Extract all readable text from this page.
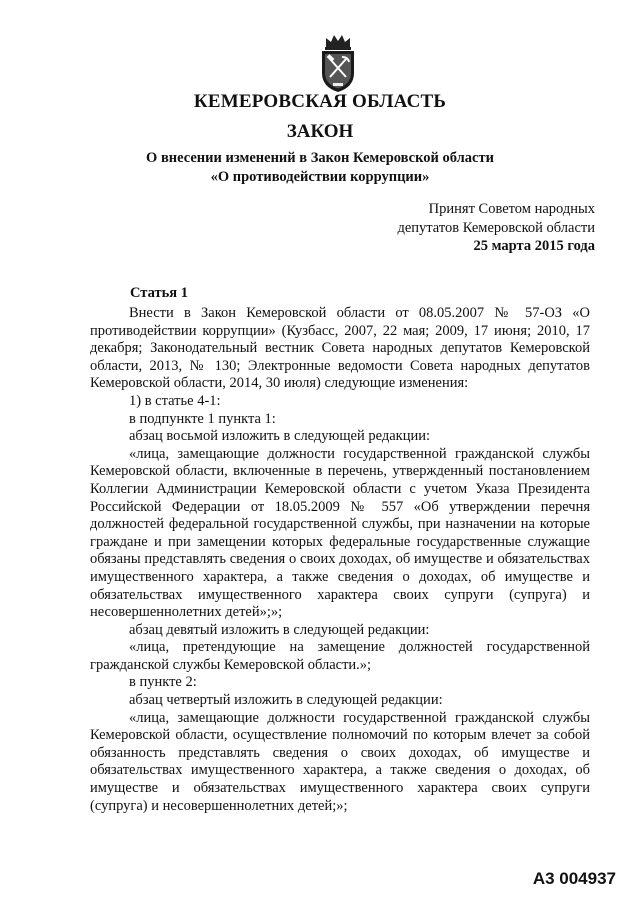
КЕМЕРОВСКАЯ ОБЛАСТЬ
ЗАКОН
О внесении изменений в Закон Кемеровской области
«О противодействии коррупции»
Принят Советом народных
депутатов Кемеровской области
25 марта 2015 года
Статья 1

Внести в Закон Кемеровской области от 08.05.2007 № 57-ОЗ «О противодействии коррупции» (Кузбасс, 2007, 22 мая; 2009, 17 июня; 2010, 17 декабря; Законодательный вестник Совета народных депутатов Кемеровской области, 2013, № 130; Электронные ведомости Совета народных депутатов Кемеровской области, 2014, 30 июля) следующие изменения:

1) в статье 4-1:

в подпункте 1 пункта 1:

абзац восьмой изложить в следующей редакции:

«лица, замещающие должности государственной гражданской службы Кемеровской области, включенные в перечень, утвержденный постановлением Коллегии Администрации Кемеровской области с учетом Указа Президента Российской Федерации от 18.05.2009 № 557 «Об утверждении перечня должностей федеральной государственной службы, при назначении на которые граждане и при замещении которых федеральные государственные служащие обязаны представлять сведения о своих доходах, об имуществе и обязательствах имущественного характера, а также сведения о доходах, об имуществе и обязательствах имущественного характера своих супруги (супруга) и несовершеннолетних детей»;»;

абзац девятый изложить в следующей редакции:

«лица, претендующие на замещение должностей государственной гражданской службы Кемеровской области.»;

в пункте 2:

абзац четвертый изложить в следующей редакции:

«лица, замещающие должности государственной гражданской службы Кемеровской области, осуществление полномочий по которым влечет за собой обязанность представлять сведения о своих доходах, об имуществе и обязательствах имущественного характера, а также сведения о доходах, об имуществе и обязательствах имущественного характера своих супруги (супруга) и несовершеннолетних детей;»;

А3 004937
